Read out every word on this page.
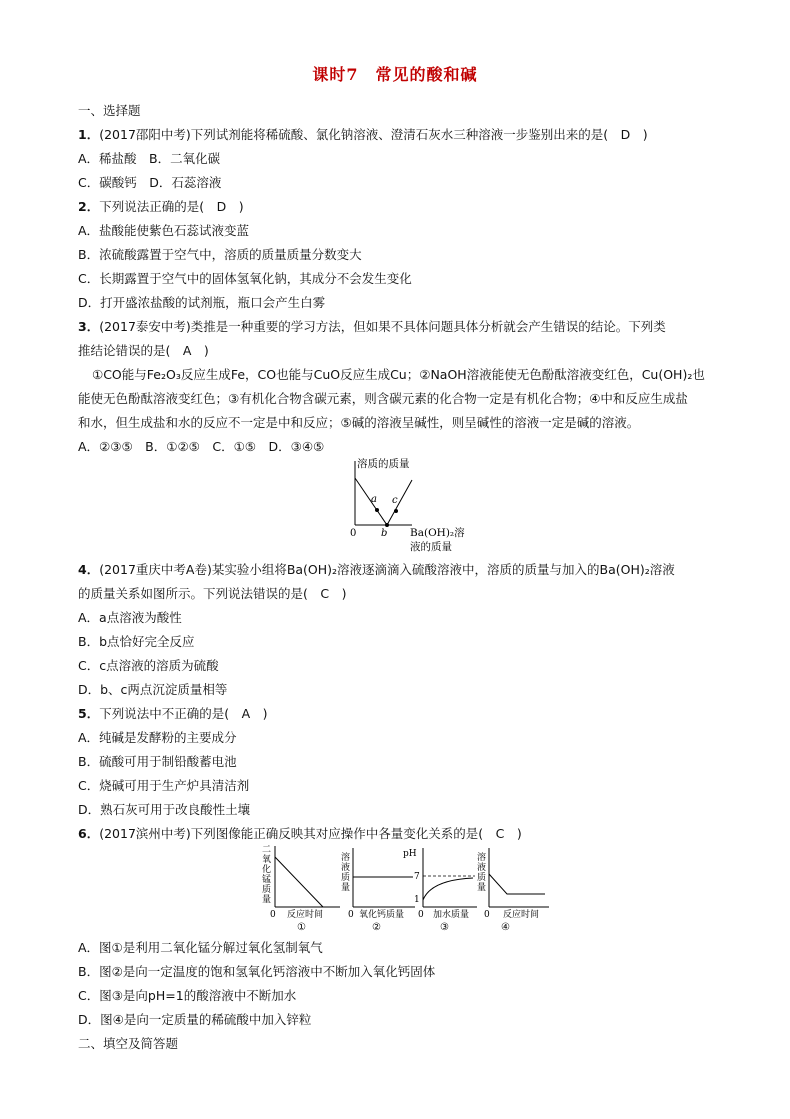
课时7　常见的酸和碱
一、选择题
1．(2017邵阳中考)下列试剂能将稀硫酸、氯化钠溶液、澄清石灰水三种溶液一步鉴别出来的是(　D　)
A．稀盐酸　B．二氧化碳
C．碳酸钙　D．石蕊溶液
2．下列说法正确的是(　D　)
A．盐酸能使紫色石蕊试液变蓝
B．浓硫酸露置于空气中，溶质的质量质量分数变大
C．长期露置于空气中的固体氢氧化钠，其成分不会发生变化
D．打开盛浓盐酸的试剂瓶，瓶口会产生白雾
3．(2017泰安中考)类推是一种重要的学习方法，但如果不具体问题具体分析就会产生错误的结论。下列类
推结论错误的是(　A　)
①CO能与Fe₂O₃反应生成Fe，CO也能与CuO反应生成Cu；②NaOH溶液能使无色酚酞溶液变红色，Cu(OH)₂也
能使无色酚酞溶液变红色；③有机化合物含碳元素，则含碳元素的化合物一定是有机化合物；④中和反应生成盐
和水，但生成盐和水的反应不一定是中和反应；⑤碱的溶液呈碱性，则呈碱性的溶液一定是碱的溶液。
A．②③⑤　B．①②⑤　C．①⑤　D．③④⑤
溶质的质量
a
b
c
0	Ba(OH)₂溶
液的质量
4．(2017重庆中考A卷)某实验小组将Ba(OH)₂溶液逐滴滴入硫酸溶液中，溶质的质量与加入的Ba(OH)₂溶液
的质量关系如图所示。下列说法错误的是(　C　)
A．a点溶液为酸性
B．b点恰好完全反应
C．c点溶液的溶质为硫酸
D．b、c两点沉淀质量相等
5．下列说法中不正确的是(　A　)
A．纯碱是发酵粉的主要成分
B．硫酸可用于制铅酸蓄电池
C．烧碱可用于生产炉具清洁剂
D．熟石灰可用于改良酸性土壤
6．(2017滨州中考)下列图像能正确反映其对应操作中各量变化关系的是(　C　)
二
氧
化
锰
质
量
0 反应时间
①
溶
液
质
量
0 氧化钙质量
②
pH
7
1
0 加水质量
③
溶
液
质
量
0 反应时间
④
A．图①是利用二氧化锰分解过氧化氢制氧气
B．图②是向一定温度的饱和氢氧化钙溶液中不断加入氧化钙固体
C．图③是向pH=1的酸溶液中不断加水
D．图④是向一定质量的稀硫酸中加入锌粒
二、填空及简答题
